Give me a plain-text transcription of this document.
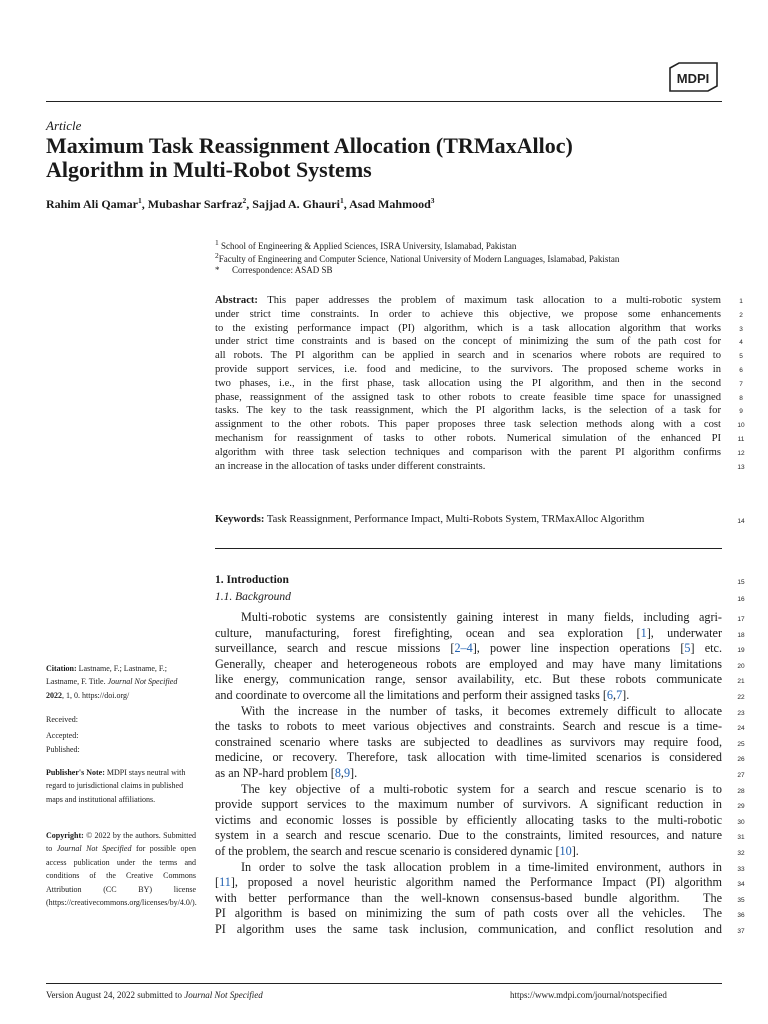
MDPI
Article
Maximum Task Reassignment Allocation (TRMaxAlloc)
Algorithm in Multi-Robot Systems
Rahim Ali Qamar$^1$, Mubashar Sarfraz$^2$, Sajjad A. Ghauri$^1$, Asad Mahmood$^3$
$^1$ School of Engineering & Applied Sciences, ISRA University, Islamabad, Pakistan
$^2$Faculty of Engineering and Computer Science, National University of Modern Languages, Islamabad, Pakistan
* Correspondence: ASAD SB
Abstract: This paper addresses the problem of maximum task allocation to a multi-robotic system
under strict time constraints. In order to achieve this objective, we propose some enhancements
to the existing performance impact (PI) algorithm, which is a task allocation algorithm that works
under strict time constraints and is based on the concept of minimizing the sum of the path cost for
all robots. The PI algorithm can be applied in search and in scenarios where robots are required to
provide support services, i.e. food and medicine, to the survivors. The proposed scheme works in
two phases, i.e., in the first phase, task allocation using the PI algorithm, and then in the second
phase, reassignment of the assigned task to other robots to create feasible time space for unassigned
tasks. The key to the task reassignment, which the PI algorithm lacks, is the selection of a task for
assignment to the other robots. This paper proposes three task selection methods along with a cost
mechanism for reassignment of tasks to other robots. Numerical simulation of the enhanced PI
algorithm with three task selection techniques and comparison with the parent PI algorithm confirms
an increase in the allocation of tasks under different constraints.
Keywords: Task Reassignment, Performance Impact, Multi-Robots System, TRMaxAlloc Algorithm	14
1. Introduction	15
1.1. Background	16
Multi-robotic systems are consistently gaining interest in many fields, including agri-
culture, manufacturing, forest firefighting, ocean and sea exploration [1], underwater
surveillance, search and rescue missions [2–4], power line inspection operations [5] etc.
Generally, cheaper and heterogeneous robots are employed and may have many limitations
like energy, communication range, sensor availability, etc. But these robots communicate
and coordinate to overcome all the limitations and perform their assigned tasks [6,7].
With the increase in the number of tasks, it becomes extremely difficult to allocate
the tasks to robots to meet various objectives and constraints. Search and rescue is a time-
constrained scenario where tasks are subjected to deadlines as survivors may require food,
medicine, or recovery. Therefore, task allocation with time-limited scenarios is considered
as an NP-hard problem [8,9].
The key objective of a multi-robotic system for a search and rescue scenario is to
provide support services to the maximum number of survivors. A significant reduction in
victims and economic losses is possible by efficiently allocating tasks to the multi-robotic
system in a search and rescue scenario. Due to the constraints, limited resources, and nature
of the problem, the search and rescue scenario is considered dynamic [10].
In order to solve the task allocation problem in a time-limited environment, authors in
[11], proposed a novel heuristic algorithm named the Performance Impact (PI) algorithm
with better performance than the well-known consensus-based bundle algorithm.  The
PI algorithm is based on minimizing the sum of path costs over all the vehicles.  The
PI algorithm uses the same task inclusion, communication, and conflict resolution and
Citation: Lastname, F.; Lastname, F.; Lastname, F. Title. Journal Not Specified 2022, 1, 0. https://doi.org/
Received:
Accepted:
Published:
Publisher's Note: MDPI stays neutral with regard to jurisdictional claims in published maps and institutional affiliations.
Copyright: © 2022 by the authors. Submitted to Journal Not Specified for possible open access publication under the terms and conditions of the Creative Commons Attribution (CC BY) license (https://creativecommons.org/licenses/by/4.0/).
Version August 24, 2022 submitted to Journal Not Specified	https://www.mdpi.com/journal/notspecified
1
2
3
4
5
6
7
8
9
10
11
12
13
17
18
19
20
21
22
23
24
25
26
27
28
29
30
31
32
33
34
35
36
37
